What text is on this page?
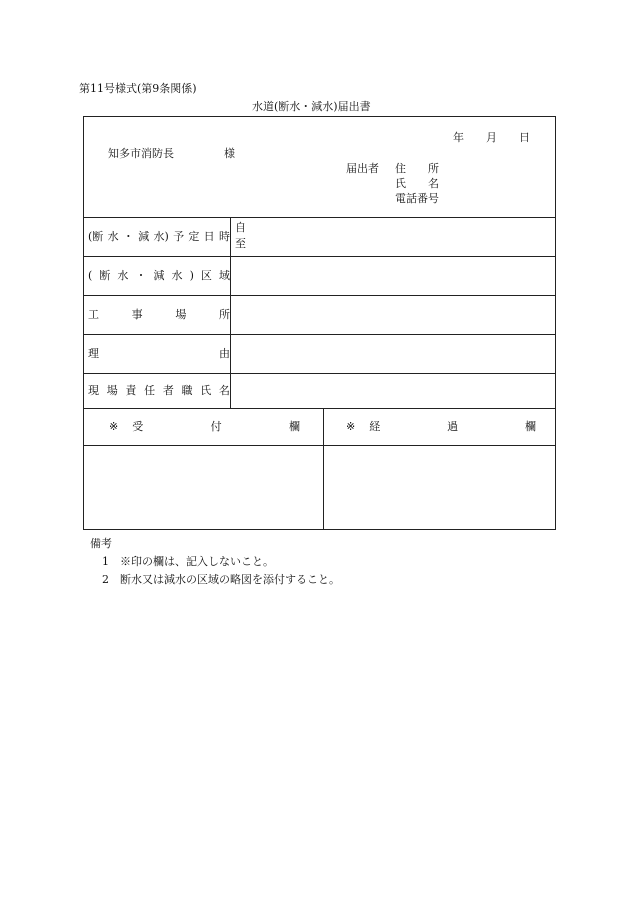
第11号様式(第9条関係)
水道(断水・減水)届出書
年 月 日
知多市消防長	様
届出者 住 所
氏 名
電話番号
(断 水 ・ 減 水) 予 定 日 時
自
至
( 断 水 ・ 減 水 ) 区 域
工	事	場	所
理	由
現 場 責 任 者 職 氏 名
※ 受	付	欄	※ 経	過	欄
備考
1 ※印の欄は、記入しないこと。
2 断水又は減水の区域の略図を添付すること。
